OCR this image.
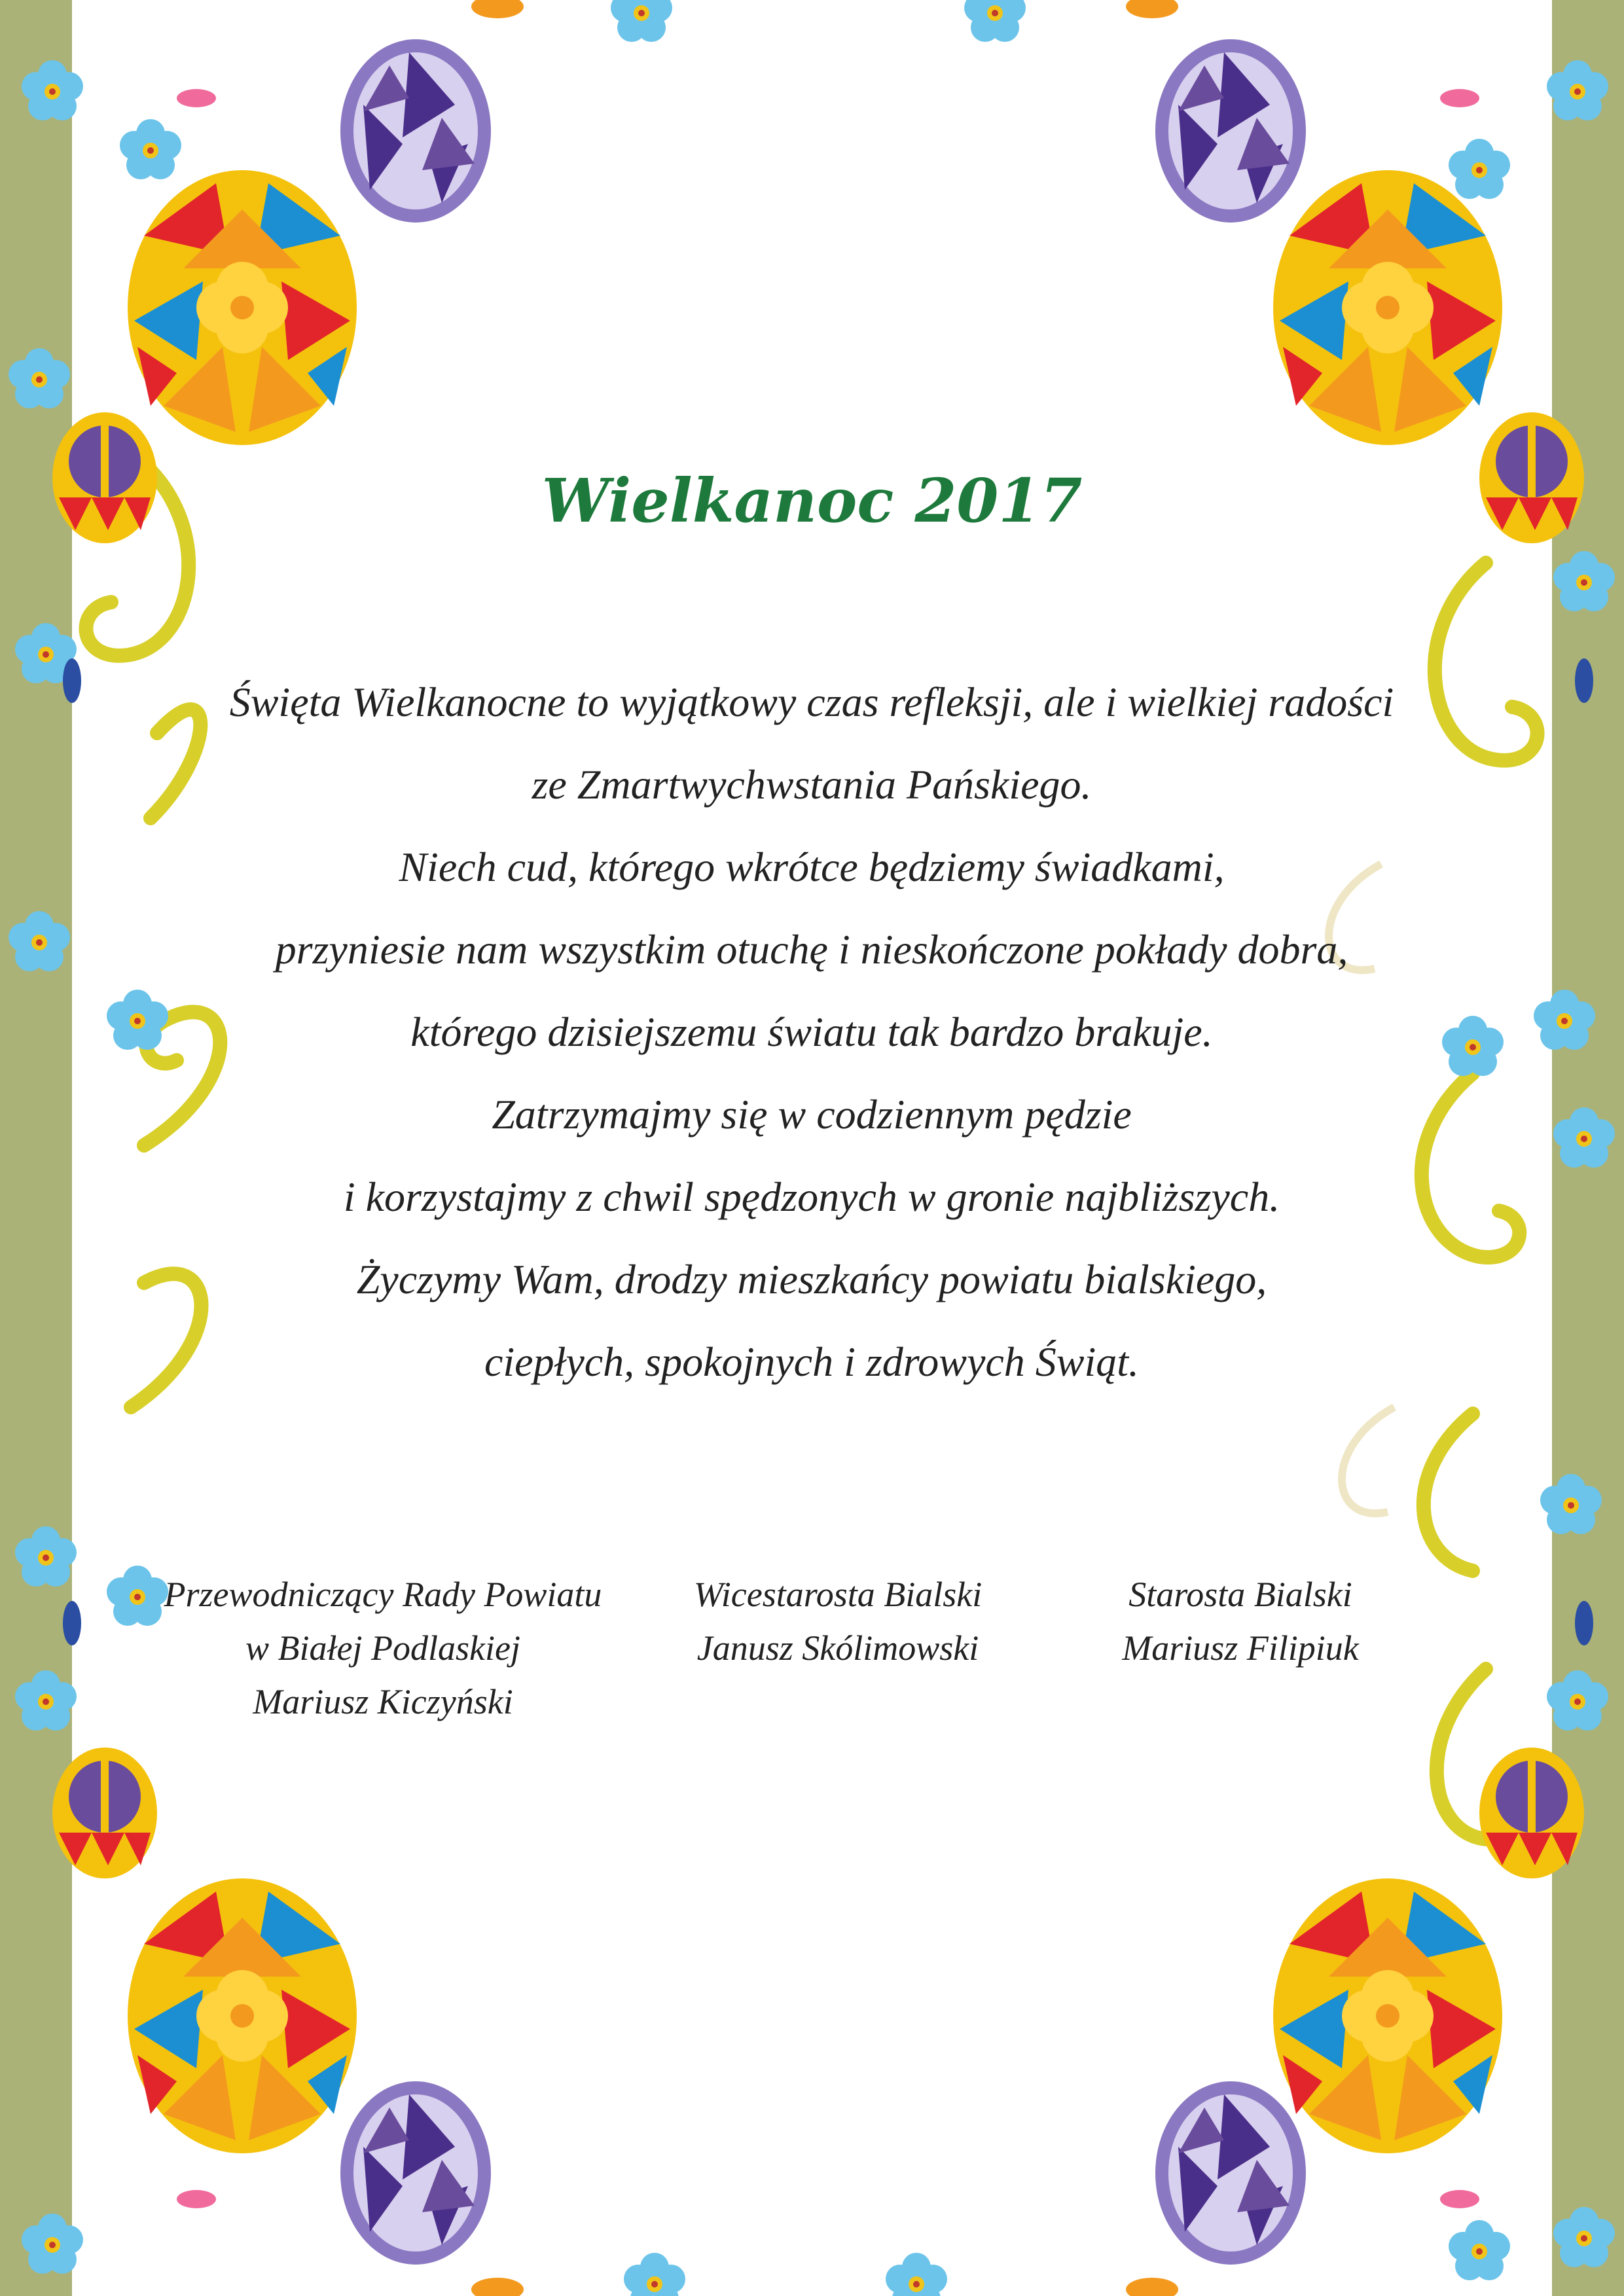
Wielkanoc 2017
Święta Wielkanocne to wyjątkowy czas refleksji, ale i wielkiej radości
ze Zmartwychwstania Pańskiego.
Niech cud, którego wkrótce będziemy świadkami,
przyniesie nam wszystkim otuchę i nieskończone pokłady dobra,
którego dzisiejszemu światu tak bardzo brakuje.
Zatrzymajmy się w codziennym pędzie
i korzystajmy z chwil spędzonych w gronie najbliższych.
Życzymy Wam, drodzy mieszkańcy powiatu bialskiego,
ciepłych, spokojnych i zdrowych Świąt.
Przewodniczący Rady Powiatu
w Białej Podlaskiej
Mariusz Kiczyński
Wicestarosta Bialski
Janusz Skólimowski
Starosta Bialski
Mariusz Filipiuk
